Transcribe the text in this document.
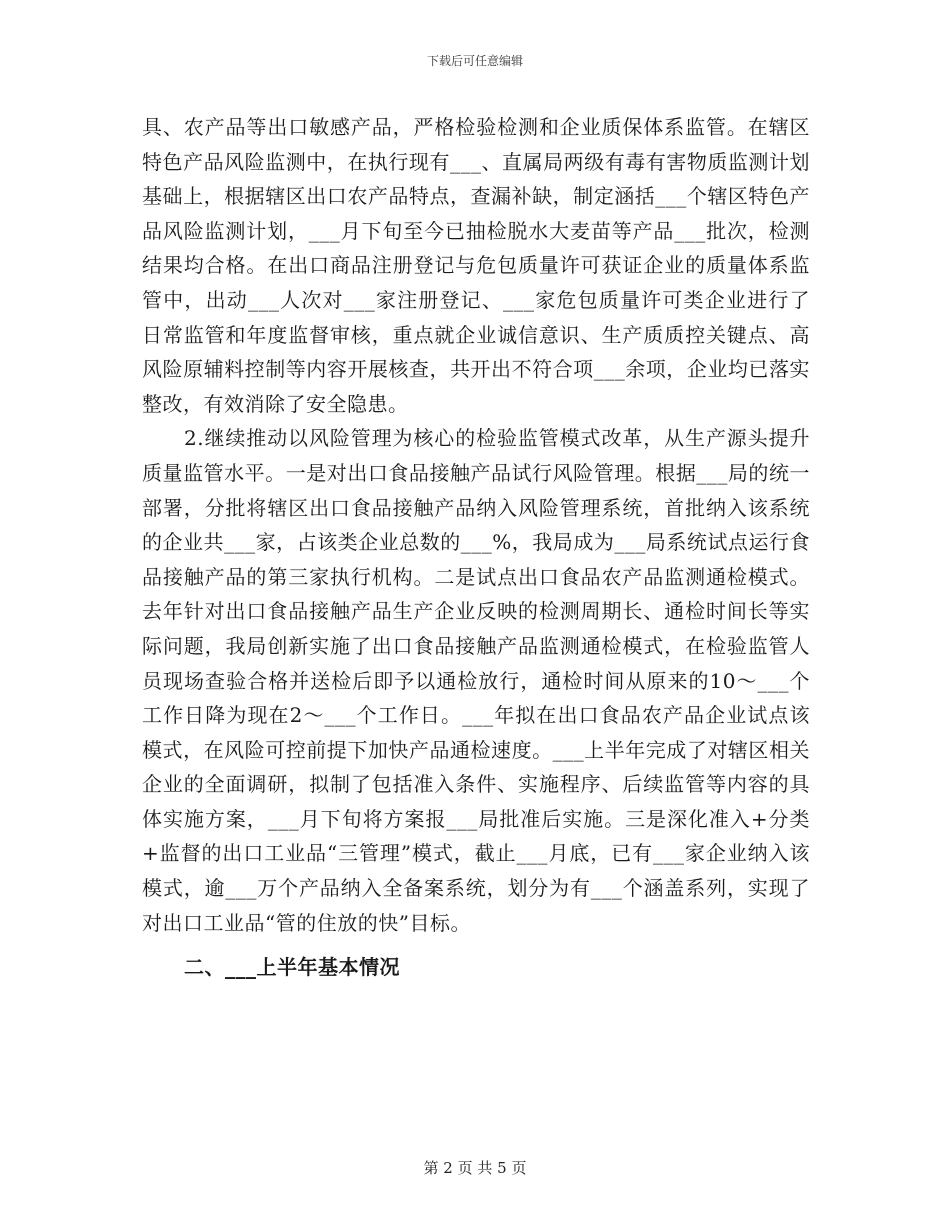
下载后可任意编辑

具、农产品等出口敏感产品，严格检验检测和企业质保体系监管。在辖区特色产品风险监测中，在执行现有___、直属局两级有毒有害物质监测计划基础上，根据辖区出口农产品特点，查漏补缺，制定涵括___个辖区特色产品风险监测计划，___月下旬至今已抽检脱水大麦苗等产品___批次，检测结果均合格。在出口商品注册登记与危包质量许可获证企业的质量体系监管中，出动___人次对___家注册登记、___家危包质量许可类企业进行了日常监管和年度监督审核，重点就企业诚信意识、生产质质控关键点、高风险原辅料控制等内容开展核查，共开出不符合项___余项，企业均已落实整改，有效消除了安全隐患。

2.继续推动以风险管理为核心的检验监管模式改革，从生产源头提升质量监管水平。一是对出口食品接触产品试行风险管理。根据___局的统一部署，分批将辖区出口食品接触产品纳入风险管理系统，首批纳入该系统的企业共___家，占该类企业总数的___%，我局成为___局系统试点运行食品接触产品的第三家执行机构。二是试点出口食品农产品监测通检模式。去年针对出口食品接触产品生产企业反映的检测周期长、通检时间长等实际问题，我局创新实施了出口食品接触产品监测通检模式，在检验监管人员现场查验合格并送检后即予以通检放行，通检时间从原来的10～___个工作日降为现在2～___个工作日。___年拟在出口食品农产品企业试点该模式，在风险可控前提下加快产品通检速度。___上半年完成了对辖区相关企业的全面调研，拟制了包括准入条件、实施程序、后续监管等内容的具体实施方案，___月下旬将方案报___局批准后实施。三是深化准入+分类+监督的出口工业品“三管理”模式，截止___月底，已有___家企业纳入该模式，逾___万个产品纳入全备案系统，划分为有___个涵盖系列，实现了对出口工业品“管的住放的快”目标。

二、___上半年基本情况

第 2 页 共 5 页
